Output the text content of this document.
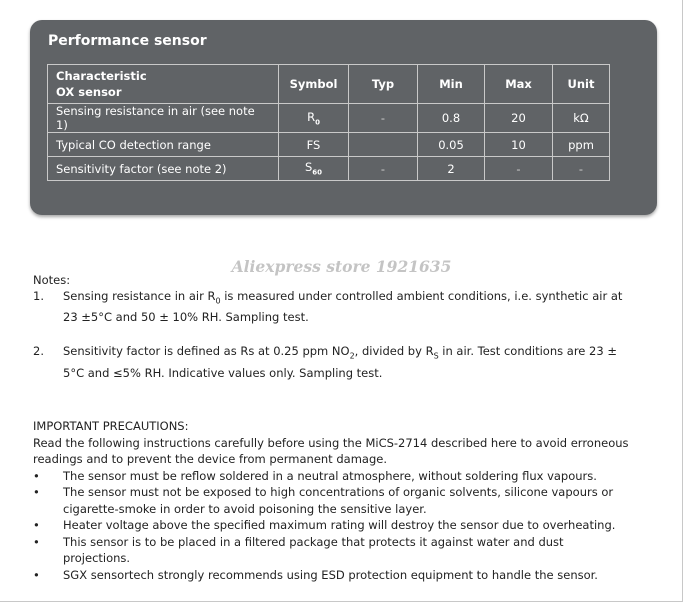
Performance sensor
Characteristic
OX sensor	Symbol	Typ	Min	Max	Unit
Sensing resistance in air (see note 1)	$R_0$	-	0.8	20	kΩ
Typical CO detection range	FS		0.05	10	ppm
Sensitivity factor (see note 2)	$S_{60}$	-	2	-	-
Aliexpress store 1921635
Notes:
1. Sensing resistance in air $R_0$ is measured under controlled ambient conditions, i.e. synthetic air at 23 ±5°C and 50 ± 10% RH. Sampling test.
2. Sensitivity factor is defined as Rs at 0.25 ppm $NO_2$, divided by $R_S$ in air. Test conditions are 23 ± 5°C and ≤5% RH. Indicative values only. Sampling test.
IMPORTANT PRECAUTIONS:
Read the following instructions carefully before using the MiCS-2714 described here to avoid erroneous readings and to prevent the device from permanent damage.
• The sensor must be reflow soldered in a neutral atmosphere, without soldering flux vapours.
• The sensor must not be exposed to high concentrations of organic solvents, silicone vapours or cigarette-smoke in order to avoid poisoning the sensitive layer.
• Heater voltage above the specified maximum rating will destroy the sensor due to overheating.
• This sensor is to be placed in a filtered package that protects it against water and dust projections.
• SGX sensortech strongly recommends using ESD protection equipment to handle the sensor.
